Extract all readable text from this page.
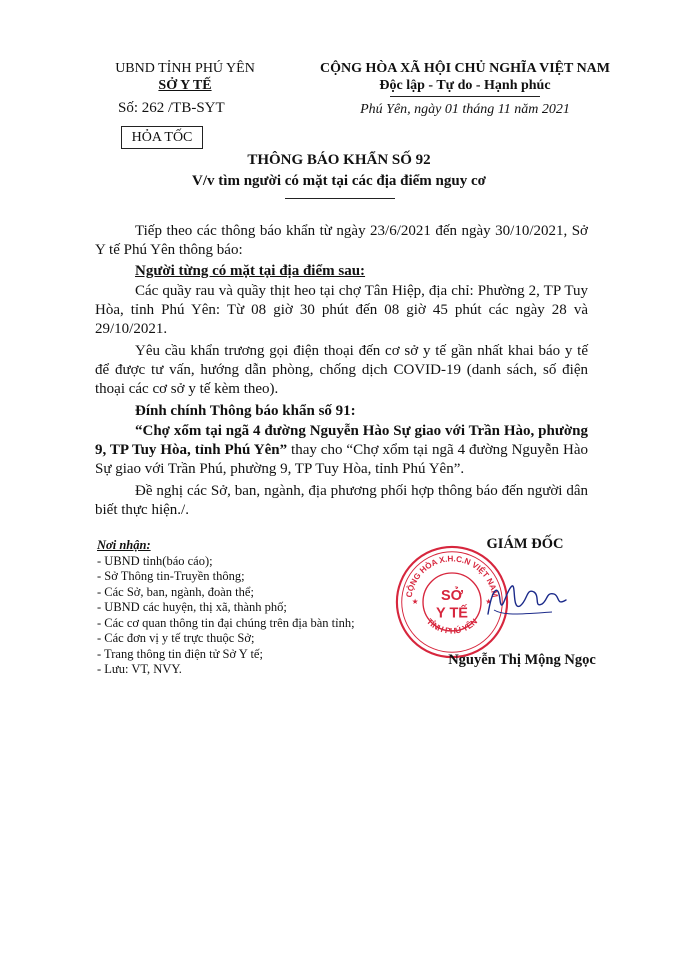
UBND TỈNH PHÚ YÊN
SỞ Y TẾ
Số: 262 /TB-SYT
HỎA TỐC
CỘNG HÒA XÃ HỘI CHỦ NGHĨA VIỆT NAM
Độc lập - Tự do - Hạnh phúc
Phú Yên, ngày 01 tháng 11 năm 2021
THÔNG BÁO KHẨN SỐ 92
V/v tìm người có mặt tại các địa điểm nguy cơ
Tiếp theo các thông báo khẩn từ ngày 23/6/2021 đến ngày 30/10/2021, Sở Y tế Phú Yên thông báo:
Người từng có mặt tại địa điểm sau:
Các quầy rau và quầy thịt heo tại chợ Tân Hiệp, địa chỉ: Phường 2, TP Tuy Hòa, tỉnh Phú Yên: Từ 08 giờ 30 phút đến 08 giờ 45 phút các ngày 28 và 29/10/2021.
Yêu cầu khẩn trương gọi điện thoại đến cơ sở y tế gần nhất khai báo y tế để được tư vấn, hướng dẫn phòng, chống dịch COVID-19 (danh sách, số điện thoại các cơ sở y tế kèm theo).
Đính chính Thông báo khẩn số 91:
“Chợ xổm tại ngã 4 đường Nguyễn Hào Sự giao với Trần Hào, phường 9, TP Tuy Hòa, tỉnh Phú Yên” thay cho “Chợ xổm tại ngã 4 đường Nguyễn Hào Sự giao với Trần Phú, phường 9, TP Tuy Hòa, tỉnh Phú Yên”.
Đề nghị các Sở, ban, ngành, địa phương phối hợp thông báo đến người dân biết thực hiện./.
Nơi nhận:
- UBND tỉnh(báo cáo);
- Sở Thông tin-Truyền thông;
- Các Sở, ban, ngành, đoàn thể;
- UBND các huyện, thị xã, thành phố;
- Các cơ quan thông tin đại chúng trên địa bàn tỉnh;
- Các đơn vị y tế trực thuộc Sở;
- Trang thông tin điện tử Sở Y tế;
- Lưu: VT, NVY.
CỘNG HÒA X.H.C.N VIỆT NAM
TỈNH PHÚ YÊN
SỞ
Y TẾ
★	★
GIÁM ĐỐC
Nguyễn Thị Mộng Ngọc
